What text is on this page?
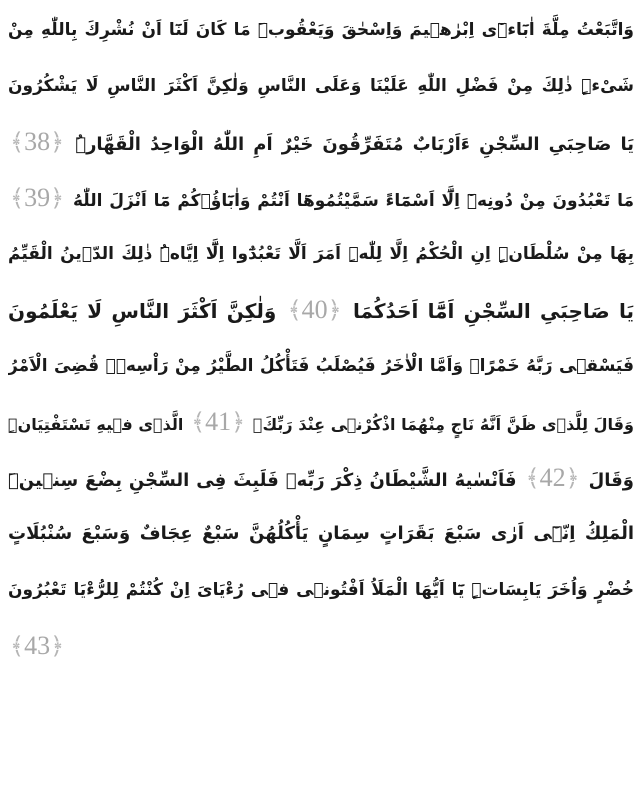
وَاتَّبَعْتُ مِلَّةَ اٰبَٓاءٖٓى اِبْرٰهٖيمَ وَاِسْحٰقَ وَيَعْقُوبَۜ مَا كَانَ لَنَٓا اَنْ نُشْرِكَ بِاللّٰهِ مِنْ
شَیْءٍۜ ذٰلِكَ مِنْ فَضْلِ اللّٰهِ عَلَيْنَا وَعَلَى النَّاسِ وَلٰكِنَّ اَكْثَرَ النَّاسِ لَا يَشْكُرُونَ
يَا صَاحِبَیِ السِّجْنِ ءَاَرْبَابٌ مُتَفَرِّقُونَ خَيْرٌ اَمِ اللّٰهُ الْوَاحِدُ الْقَهَّارُۜ ﴾38﴿
مَا تَعْبُدُونَ مِنْ دُونِهٖٓ اِلَّٓا اَسْمَٓاءً سَمَّيْتُمُوهَٓا اَنْتُمْ وَاٰبَٓاؤُ۬كُمْ مَٓا اَنْزَلَ اللّٰهُ ﴾39﴿
بِهَا مِنْ سُلْطَانٍۜ اِنِ الْحُكْمُ اِلَّا لِلّٰهِۜ اَمَرَ اَلَّا تَعْبُدُٓوا اِلَّٓا اِيَّاهُۜ ذٰلِكَ الدّٖينُ الْقَيِّمُ
يَا صَاحِبَیِ السِّجْنِ اَمَّٓا اَحَدُكُمَا ﴾40﴿ وَلٰكِنَّ اَكْثَرَ النَّاسِ لَا يَعْلَمُونَ
فَيَسْقٖى رَبَّهُ خَمْرًاۚ وَاَمَّا الْاٰخَرُ فَيُصْلَبُ فَتَأْكُلُ الطَّيْرُ مِنْ رَاْسِهٖۜ قُضِیَ الْاَمْرُ
وَقَالَ لِلَّذٖى ظَنَّ اَنَّهُ نَاجٍ مِنْهُمَا اذْكُرْنٖى عِنْدَ رَبِّكَۘ ﴾41﴿ الَّذٖى فٖيهِ تَسْتَفْتِيَانِۜ
وَقَالَ ﴾42﴿ فَاَنْسٰيهُ الشَّيْطَانُ ذِكْرَ رَبِّهٖ فَلَبِثَ فِی السِّجْنِ بِضْعَ سِنٖينَۜ
الْمَلِكُ اِنّٖٓى اَرٰى سَبْعَ بَقَرَاتٍ سِمَانٍ يَأْكُلُهُنَّ سَبْعٌ عِجَافٌ وَسَبْعَ سُنْبُلَاتٍ
خُضْرٍ وَاُخَرَ يَابِسَاتٍۜ يَٓا اَيُّهَا الْمَلَاُ اَفْتُونٖى فٖى رُءْيَایَ اِنْ كُنْتُمْ لِلرُّءْيَا تَعْبُرُونَ
﴾43﴿
